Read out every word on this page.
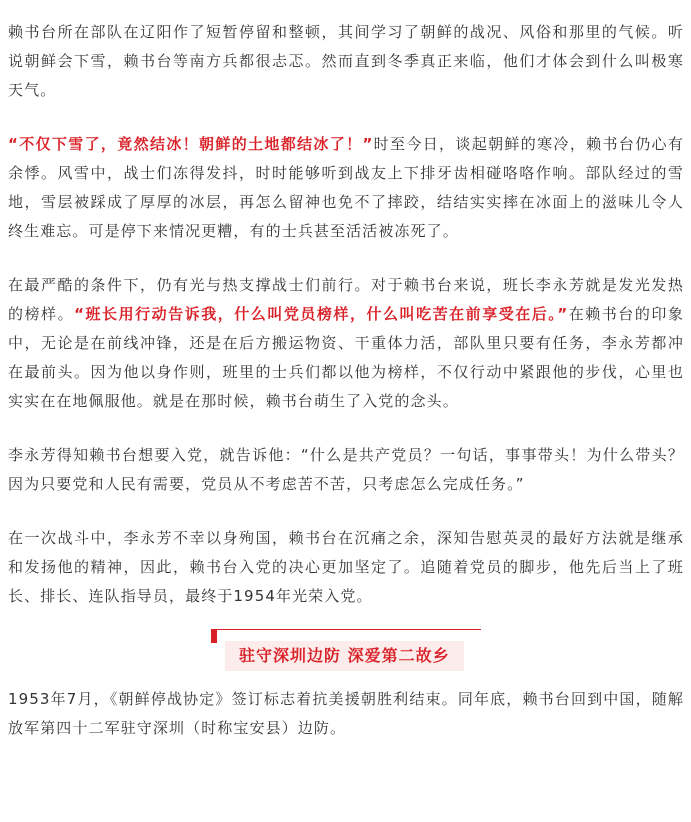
赖书台所在部队在辽阳作了短暂停留和整顿，其间学习了朝鲜的战况、风俗和那里的气候。听说朝鲜会下雪，赖书台等南方兵都很忐忑。然而直到冬季真正来临，他们才体会到什么叫极寒天气。

“不仅下雪了，竟然结冰！朝鲜的土地都结冰了！”时至今日，谈起朝鲜的寒冷，赖书台仍心有余悸。风雪中，战士们冻得发抖，时时能够听到战友上下排牙齿相碰咯咯作响。部队经过的雪地，雪层被踩成了厚厚的冰层，再怎么留神也免不了摔跤，结结实实摔在冰面上的滋味儿令人终生难忘。可是停下来情况更糟，有的士兵甚至活活被冻死了。

在最严酷的条件下，仍有光与热支撑战士们前行。对于赖书台来说，班长李永芳就是发光发热的榜样。“班长用行动告诉我，什么叫党员榜样，什么叫吃苦在前享受在后。”在赖书台的印象中，无论是在前线冲锋，还是在后方搬运物资、干重体力活，部队里只要有任务，李永芳都冲在最前头。因为他以身作则，班里的士兵们都以他为榜样，不仅行动中紧跟他的步伐，心里也实实在在地佩服他。就是在那时候，赖书台萌生了入党的念头。

李永芳得知赖书台想要入党，就告诉他：“什么是共产党员？一句话，事事带头！为什么带头？因为只要党和人民有需要，党员从不考虑苦不苦，只考虑怎么完成任务。”

在一次战斗中，李永芳不幸以身殉国，赖书台在沉痛之余，深知告慰英灵的最好方法就是继承和发扬他的精神，因此，赖书台入党的决心更加坚定了。追随着党员的脚步，他先后当上了班长、排长、连队指导员，最终于1954年光荣入党。

驻守深圳边防 深爱第二故乡

1953年7月，《朝鲜停战协定》签订标志着抗美援朝胜利结束。同年底，赖书台回到中国，随解放军第四十二军驻守深圳（时称宝安县）边防。
